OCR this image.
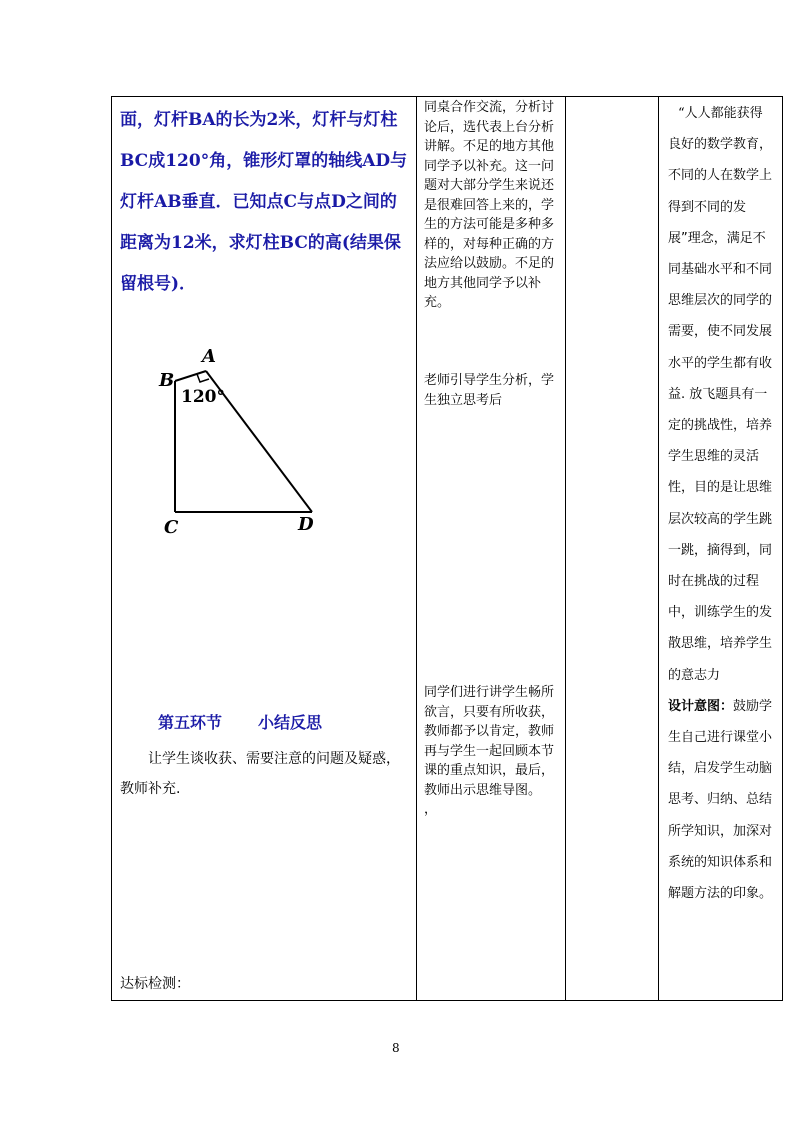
面，灯杆BA的长为2米，灯杆与灯柱BC成120°角，锥形灯罩的轴线AD与灯杆AB垂直．已知点C与点D之间的距离为12米，求灯柱BC的高(结果保留根号)．
A
B
C	D
120°
第五环节 小结反思
让学生谈收获、需要注意的问题及疑惑，教师补充.
达标检测：
同桌合作交流，分析讨论后，选代表上台分析讲解。不足的地方其他同学予以补充。这一问题对大部分学生来说还是很难回答上来的，学生的方法可能是多种多样的，对每种正确的方法应给以鼓励。不足的地方其他同学予以补充。
老师引导学生分析，学生独立思考后
同学们进行讲学生畅所欲言，只要有所收获，教师都予以肯定，教师再与学生一起回顾本节课的重点知识，最后，教师出示思维导图。
，
“人人都能获得
良好的数学教育，不同的人在数学上得到不同的发展”理念，满足不同基础水平和不同思维层次的同学的需要，使不同发展水平的学生都有收益. 放飞题具有一定的挑战性，培养学生思维的灵活性，目的是让思维层次较高的学生跳一跳，摘得到，同时在挑战的过程中，训练学生的发散思维，培养学生的意志力
设计意图：鼓励学生自己进行课堂小结，启发学生动脑思考、归纳、总结所学知识，加深对系统的知识体系和解题方法的印象。
8
